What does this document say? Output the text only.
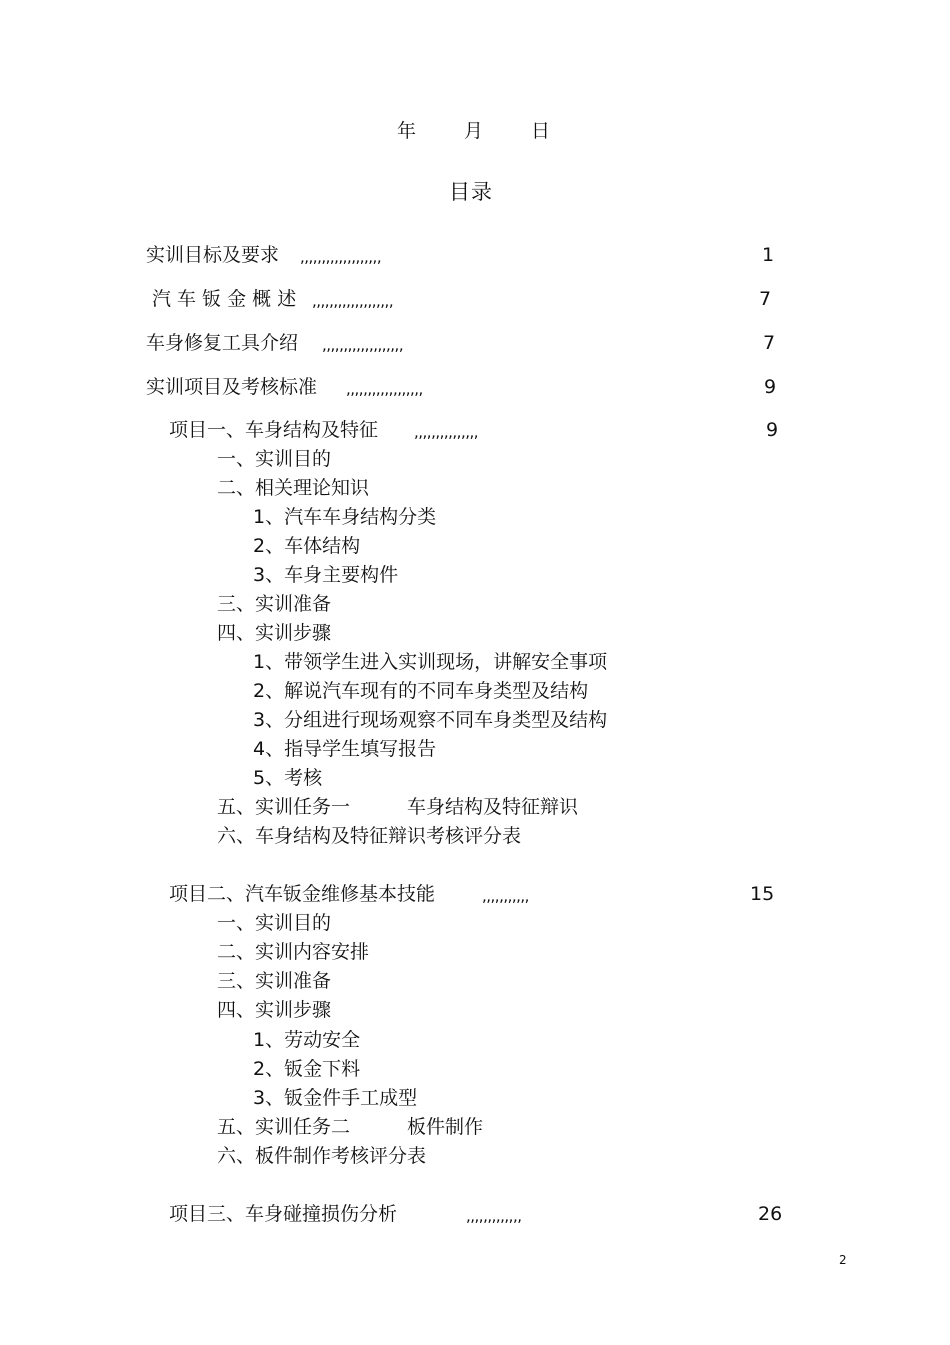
年	月	日
目录
实训目标及要求 ,,,,,,,,,,,,,,,,,,,	1
汽 车 钣 金 概 述 ,,,,,,,,,,,,,,,,,,,	7
车身修复工具介绍 ,,,,,,,,,,,,,,,,,,,	7
实训项目及考核标准 ,,,,,,,,,,,,,,,,,,	9
项目一、车身结构及特征 ,,,,,,,,,,,,,,,	9
一、实训目的
二、相关理论知识
1、汽车车身结构分类
2、车体结构
3、车身主要构件
三、实训准备
四、实训步骤
1、带领学生进入实训现场，讲解安全事项
2、解说汽车现有的不同车身类型及结构
3、分组进行现场观察不同车身类型及结构
4、指导学生填写报告
5、考核
五、实训任务一	车身结构及特征辩识
六、车身结构及特征辩识考核评分表
项目二、汽车钣金维修基本技能	,,,,,,,,,,,	15
一、实训目的
二、实训内容安排
三、实训准备
四、实训步骤
1、劳动安全
2、钣金下料
3、钣金件手工成型
五、实训任务二	板件制作
六、板件制作考核评分表
项目三、车身碰撞损伤分析	,,,,,,,,,,,,,	26
2
